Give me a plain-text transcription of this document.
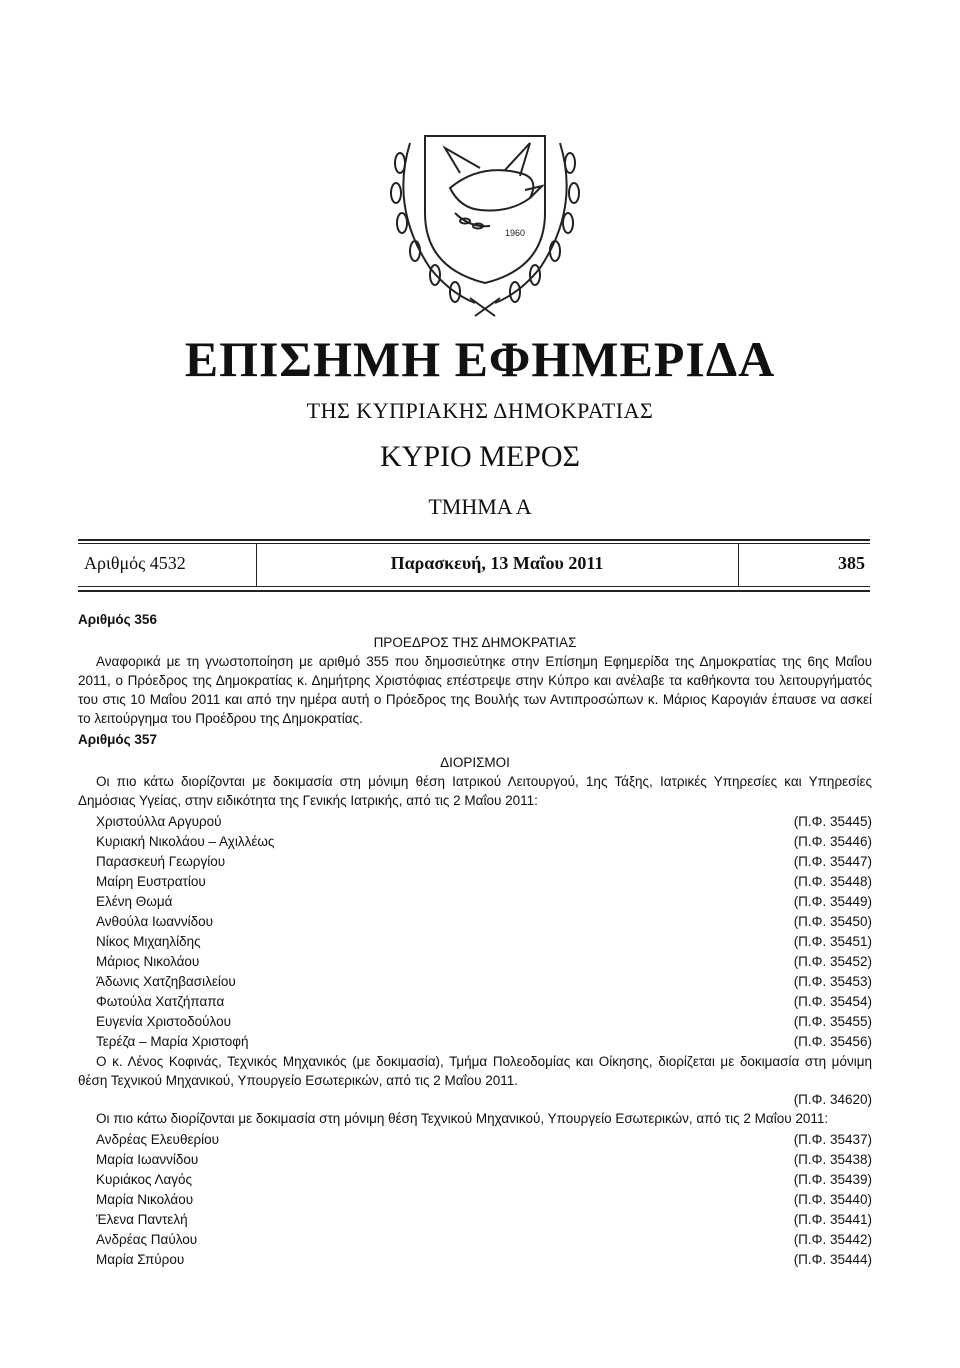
1960
ΕΠΙΣΗΜΗ ΕΦΗΜΕΡΙΔΑ
ΤΗΣ ΚΥΠΡΙΑΚΗΣ ΔΗΜΟΚΡΑΤΙΑΣ
ΚΥΡΙΟ ΜΕΡΟΣ
ΤΜΗΜΑ Α
Αριθμός 4532	Παρασκευή, 13 Μαΐου 2011	385
Αριθμός 356
ΠΡΟΕΔΡΟΣ ΤΗΣ ΔΗΜΟΚΡΑΤΙΑΣ

Αναφορικά με τη γνωστοποίηση με αριθμό 355 που δημοσιεύτηκε στην Επίσημη Εφημερίδα της Δημοκρατίας της 6ης Μαΐου 2011, ο Πρόεδρος της Δημοκρατίας κ. Δημήτρης Χριστόφιας επέστρεψε στην Κύπρο και ανέλαβε τα καθήκοντα του λειτουργήματός του στις 10 Μαΐου 2011 και από την ημέρα αυτή ο Πρόεδρος της Βουλής των Αντιπροσώπων κ. Μάριος Καρογιάν έπαυσε να ασκεί το λειτούργημα του Προέδρου της Δημοκρατίας.

Αριθμός 357
ΔΙΟΡΙΣΜΟΙ

Οι πιο κάτω διορίζονται με δοκιμασία στη μόνιμη θέση Ιατρικού Λειτουργού, 1ης Τάξης, Ιατρικές Υπηρεσίες και Υπηρεσίες Δημόσιας Υγείας, στην ειδικότητα της Γενικής Ιατρικής, από τις 2 Μαΐου 2011:

Χριστούλλα Αργυρού	(Π.Φ. 35445)
Κυριακή Νικολάου – Αχιλλέως	(Π.Φ. 35446)
Παρασκευή Γεωργίου	(Π.Φ. 35447)
Μαίρη Ευστρατίου	(Π.Φ. 35448)
Ελένη Θωμά	(Π.Φ. 35449)
Ανθούλα Ιωαννίδου	(Π.Φ. 35450)
Νίκος Μιχαηλίδης	(Π.Φ. 35451)
Μάριος Νικολάου	(Π.Φ. 35452)
Άδωνις Χατζηβασιλείου	(Π.Φ. 35453)
Φωτούλα Χατζήπαπα	(Π.Φ. 35454)
Ευγενία Χριστοδούλου	(Π.Φ. 35455)
Τερέζα – Μαρία Χριστοφή	(Π.Φ. 35456)

Ο κ. Λένος Κοφινάς, Τεχνικός Μηχανικός (με δοκιμασία), Τμήμα Πολεοδομίας και Οίκησης, διορίζεται με δοκιμασία στη μόνιμη θέση Τεχνικού Μηχανικού, Υπουργείο Εσωτερικών, από τις 2 Μαΐου 2011.

(Π.Φ. 34620)

Οι πιο κάτω διορίζονται με δοκιμασία στη μόνιμη θέση Τεχνικού Μηχανικού, Υπουργείο Εσωτερικών, από τις 2 Μαΐου 2011:

Ανδρέας Ελευθερίου	(Π.Φ. 35437)
Μαρία Ιωαννίδου	(Π.Φ. 35438)
Κυριάκος Λαγός	(Π.Φ. 35439)
Μαρία Νικολάου	(Π.Φ. 35440)
Έλενα Παντελή	(Π.Φ. 35441)
Ανδρέας Παύλου	(Π.Φ. 35442)
Μαρία Σπύρου	(Π.Φ. 35444)
